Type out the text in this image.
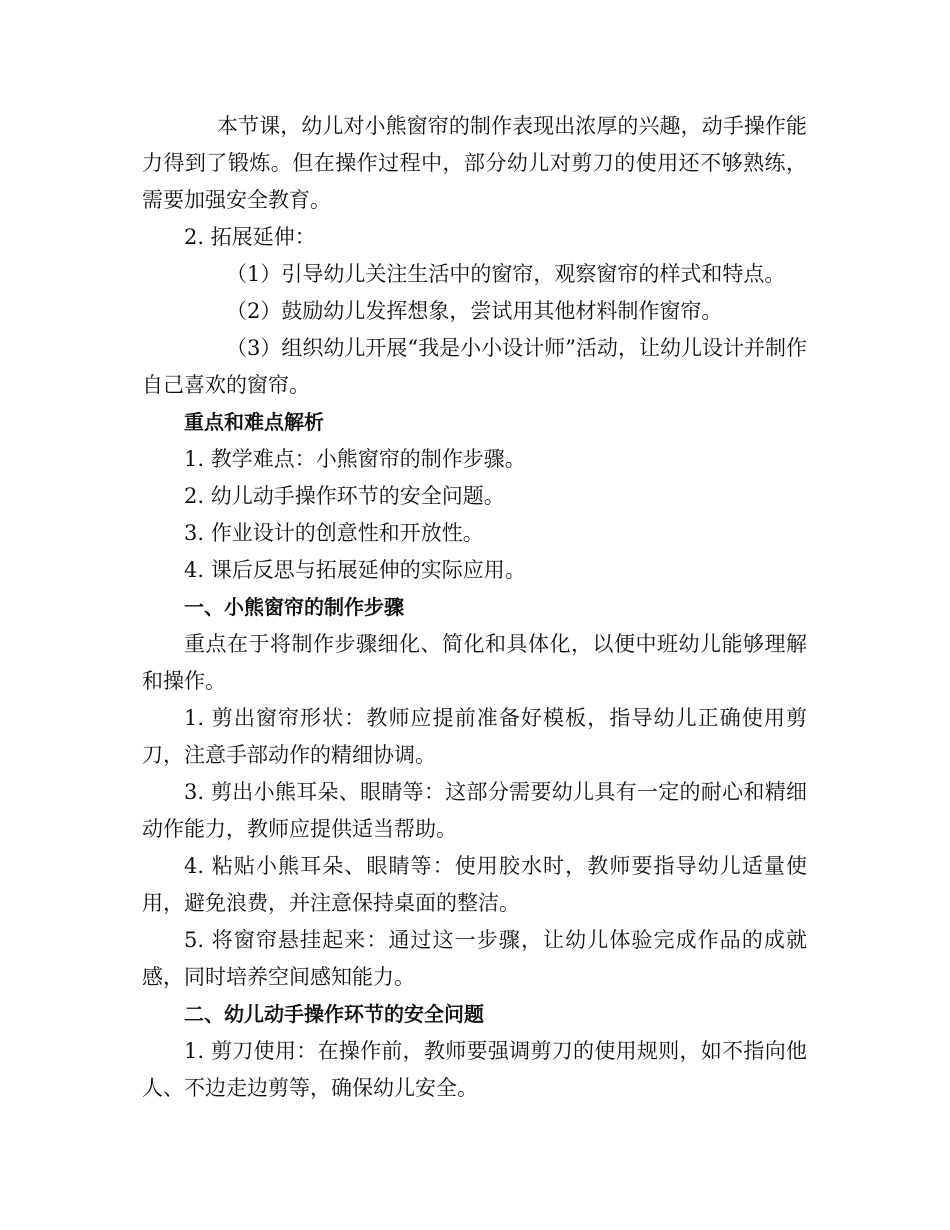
本节课，幼儿对小熊窗帘的制作表现出浓厚的兴趣，动手操作能力得到了锻炼。但在操作过程中，部分幼儿对剪刀的使用还不够熟练，需要加强安全教育。

2. 拓展延伸：

（1）引导幼儿关注生活中的窗帘，观察窗帘的样式和特点。

（2）鼓励幼儿发挥想象，尝试用其他材料制作窗帘。

（3）组织幼儿开展“我是小小设计师”活动，让幼儿设计并制作自己喜欢的窗帘。

重点和难点解析

1. 教学难点：小熊窗帘的制作步骤。

2. 幼儿动手操作环节的安全问题。

3. 作业设计的创意性和开放性。

4. 课后反思与拓展延伸的实际应用。

一、小熊窗帘的制作步骤

重点在于将制作步骤细化、简化和具体化，以便中班幼儿能够理解和操作。

1. 剪出窗帘形状：教师应提前准备好模板，指导幼儿正确使用剪刀，注意手部动作的精细协调。

3. 剪出小熊耳朵、眼睛等：这部分需要幼儿具有一定的耐心和精细动作能力，教师应提供适当帮助。

4. 粘贴小熊耳朵、眼睛等：使用胶水时，教师要指导幼儿适量使用，避免浪费，并注意保持桌面的整洁。

5. 将窗帘悬挂起来：通过这一步骤，让幼儿体验完成作品的成就感，同时培养空间感知能力。

二、幼儿动手操作环节的安全问题

1. 剪刀使用：在操作前，教师要强调剪刀的使用规则，如不指向他人、不边走边剪等，确保幼儿安全。
